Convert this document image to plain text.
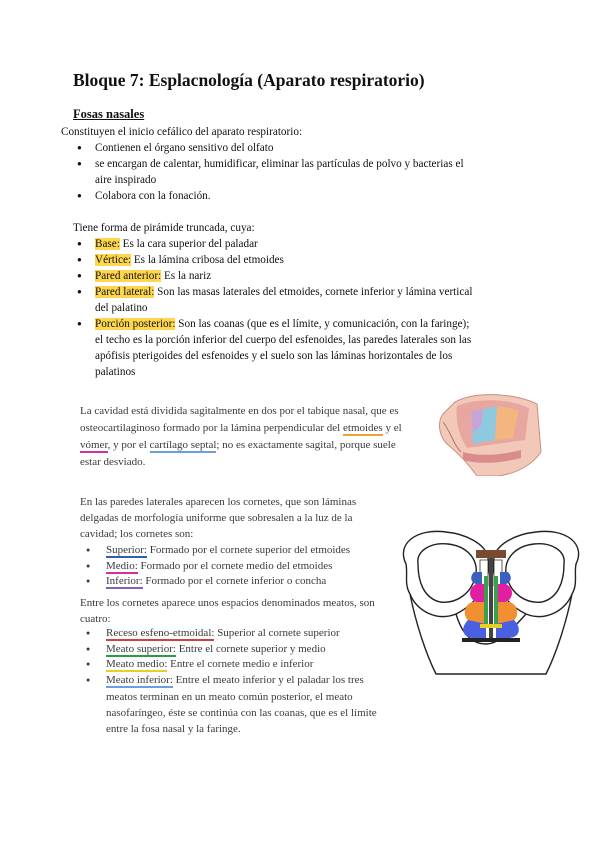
Bloque 7: Esplacnología (Aparato respiratorio)
Fosas nasales
Constituyen el inicio cefálico del aparato respiratorio:
● Contienen el órgano sensitivo del olfato
● se encargan de calentar, humidificar, eliminar las partículas de polvo y bacterias el
aire inspirado
● Colabora con la fonación.
Tiene forma de pirámide truncada, cuya:
● Base: Es la cara superior del paladar
● Vértice: Es la lámina cribosa del etmoides
● Pared anterior: Es la nariz
● Pared lateral: Son las masas laterales del etmoides, cornete inferior y lámina vertical
del palatino
● Porción posterior: Son las coanas (que es el límite, y comunicación, con la faringe);
el techo es la porción inferior del cuerpo del esfenoides, las paredes laterales son las
apófisis pterigoides del esfenoides y el suelo son las láminas horizontales de los
palatinos
La cavidad está dividida sagitalmente en dos por el tabique nasal, que es
osteocartilaginoso formado por la lámina perpendicular del etmoides y el
vómer, y por el cartílago septal; no es exactamente sagital, porque suele
estar desviado.
En las paredes laterales aparecen los cornetes, que son láminas
delgadas de morfología uniforme que sobresalen a la luz de la
cavidad; los cornetes son:
● Superior: Formado por el cornete superior del etmoides
● Medio: Formado por el cornete medio del etmoides
● Inferior: Formado por el cornete inferior o concha
Entre los cornetes aparece unos espacios denominados meatos, son
cuatro:
● Receso esfeno-etmoidal: Superior al cornete superior
● Meato superior: Entre el cornete superior y medio
● Meato medio: Entre el cornete medio e inferior
● Meato inferior: Entre el meato inferior y el paladar los tres
meatos terminan en un meato común posterior, el meato
nasofaríngeo, éste se continúa con las coanas, que es el límite
entre la fosa nasal y la faringe.
